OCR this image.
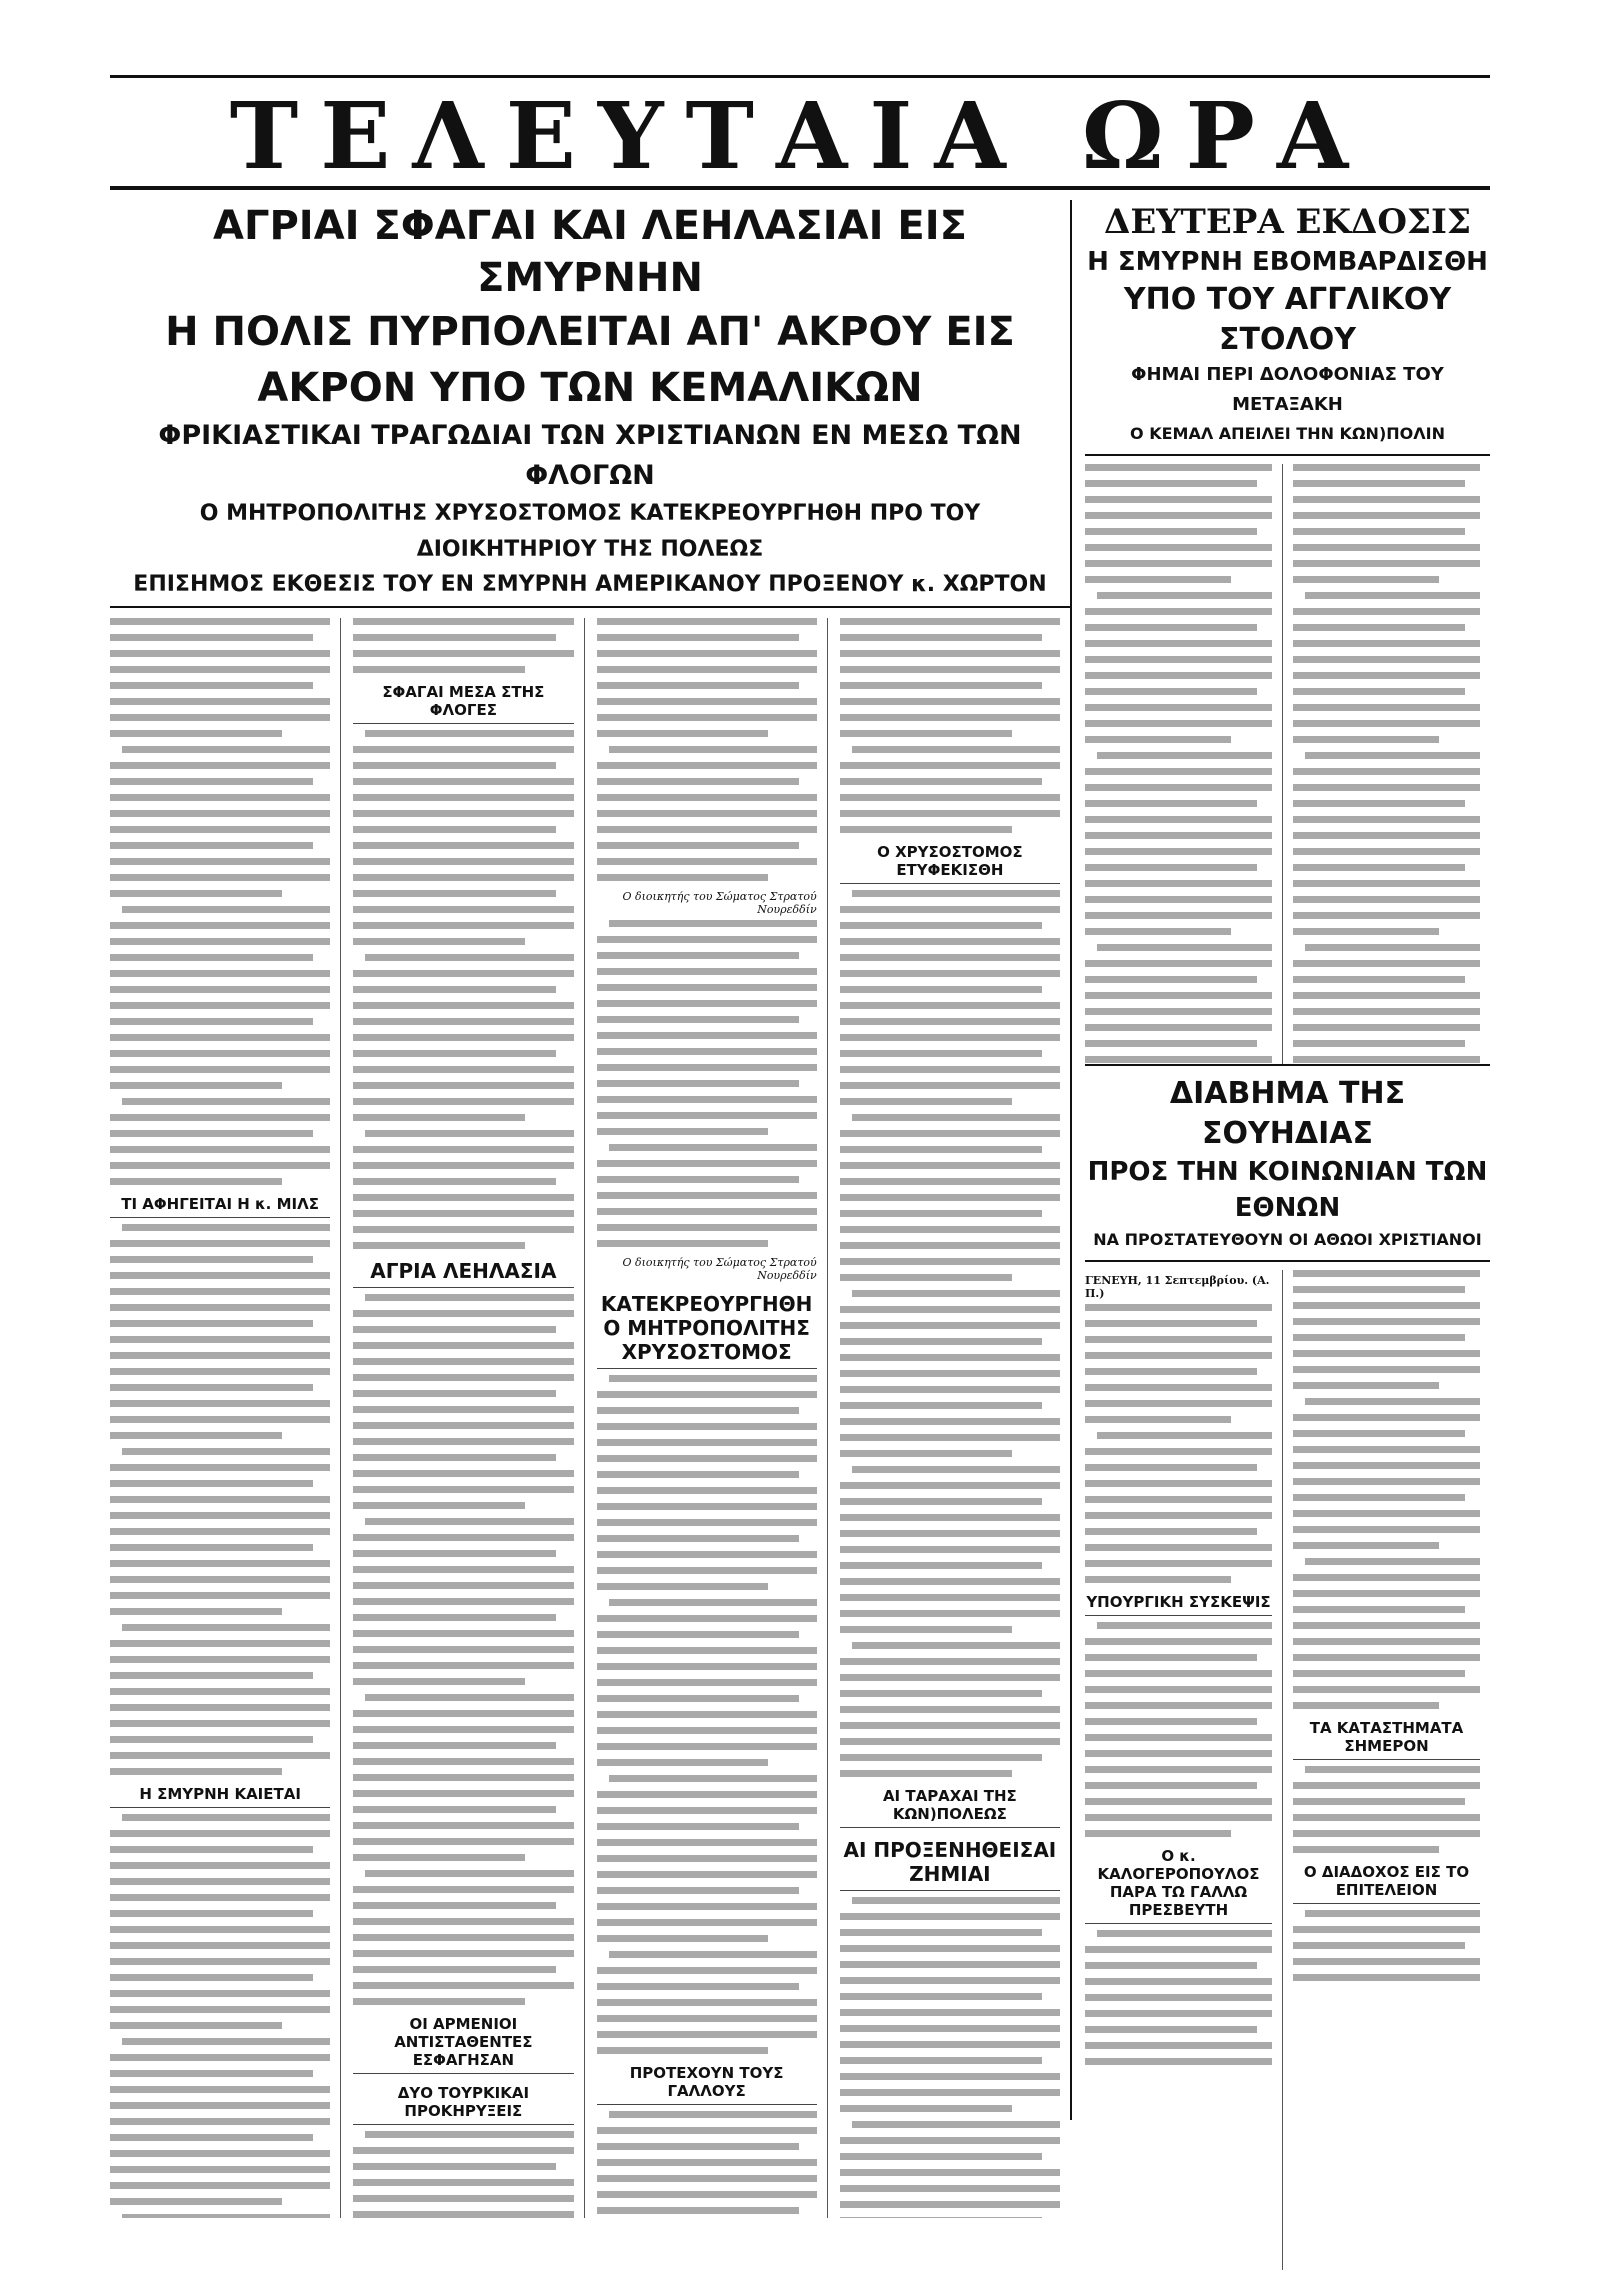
ΤΕΛΕΥΤΑΙΑ ΩΡΑ

ΑΓΡΙΑΙ ΣΦΑΓΑΙ ΚΑΙ ΛΕΗΛΑΣΙΑΙ ΕΙΣ ΣΜΥΡΝΗΝ

Η ΠΟΛΙΣ ΠΥΡΠΟΛΕΙΤΑΙ ΑΠ' ΑΚΡΟΥ ΕΙΣ ΑΚΡΟΝ ΥΠΟ ΤΩΝ ΚΕΜΑΛΙΚΩΝ

ΦΡΙΚΙΑΣΤΙΚΑΙ ΤΡΑΓΩΔΙΑΙ ΤΩΝ ΧΡΙΣΤΙΑΝΩΝ ΕΝ ΜΕΣΩ ΤΩΝ ΦΛΟΓΩΝ

Ο ΜΗΤΡΟΠΟΛΙΤΗΣ ΧΡΥΣΟΣΤΟΜΟΣ ΚΑΤΕΚΡΕΟΥΡΓΗΘΗ ΠΡΟ ΤΟΥ ΔΙΟΙΚΗΤΗΡΙΟΥ ΤΗΣ ΠΟΛΕΩΣ

ΕΠΙΣΗΜΟΣ ΕΚΘΕΣΙΣ ΤΟΥ ΕΝ ΣΜΥΡΝΗ ΑΜΕΡΙΚΑΝΟΥ ΠΡΟΞΕΝΟΥ κ. ΧΩΡΤΟΝ

ΤΙ ΑΦΗΓΕΙΤΑΙ Η κ. ΜΙΛΣ
Η ΣΜΥΡΝΗ ΚΑΙΕΤΑΙ
ΣΦΑΓΑΙ ΜΕΣΑ ΣΤΗΣ ΦΛΟΓΕΣ
ΑΓΡΙΑ ΛΕΗΛΑΣΙΑ
ΟΙ ΑΡΜΕΝΙΟΙ ΑΝΤΙΣΤΑΘΕΝΤΕΣ ΕΣΦΑΓΗΣΑΝ
ΔΥΟ ΤΟΥΡΚΙΚΑΙ ΠΡΟΚΗΡΥΞΕΙΣ
Ο διοικητής του Σώματος Στρατού Νουρεδδίν
Ο διοικητής του Σώματος Στρατού Νουρεδδίν
ΚΑΤΕΚΡΕΟΥΡΓΗΘΗ Ο ΜΗΤΡΟΠΟΛΙΤΗΣ ΧΡΥΣΟΣΤΟΜΟΣ
ΠΡΟΤΕΧΟΥΝ ΤΟΥΣ ΓΑΛΛΟΥΣ
Ο ΧΡΥΣΟΣΤΟΜΟΣ ΕΤΥΦΕΚΙΣΘΗ
ΑΙ ΤΑΡΑΧΑΙ ΤΗΣ ΚΩΝ)ΠΟΛΕΩΣ
ΑΙ ΠΡΟΞΕΝΗΘΕΙΣΑΙ ΖΗΜΙΑΙ

ΔΕΥΤΕΡΑ ΕΚΔΟΣΙΣ

Η ΣΜΥΡΝΗ ΕΒΟΜΒΑΡΔΙΣΘΗ

ΥΠΟ ΤΟΥ ΑΓΓΛΙΚΟΥ ΣΤΟΛΟΥ

ΦΗΜΑΙ ΠΕΡΙ ΔΟΛΟΦΟΝΙΑΣ ΤΟΥ ΜΕΤΑΞΑΚΗ

Ο ΚΕΜΑΛ ΑΠΕΙΛΕΙ ΤΗΝ ΚΩΝ)ΠΟΛΙΝ

ΔΙΑΒΗΜΑ ΤΗΣ ΣΟΥΗΔΙΑΣ

ΠΡΟΣ ΤΗΝ ΚΟΙΝΩΝΙΑΝ ΤΩΝ ΕΘΝΩΝ

ΝΑ ΠΡΟΣΤΑΤΕΥΘΟΥΝ ΟΙ ΑΘΩΟΙ ΧΡΙΣΤΙΑΝΟΙ

ΓΕΝΕΥΗ, 11 Σεπτεμβρίου. (Α. Π.)
ΥΠΟΥΡΓΙΚΗ ΣΥΣΚΕΨΙΣ
Ο κ. ΚΑΛΟΓΕΡΟΠΟΥΛΟΣ ΠΑΡΑ ΤΩ ΓΑΛΛΩ ΠΡΕΣΒΕΥΤΗ
ΤΑ ΚΑΤΑΣΤΗΜΑΤΑ ΣΗΜΕΡΟΝ
Ο ΔΙΑΔΟΧΟΣ ΕΙΣ ΤΟ ΕΠΙΤΕΛΕΙΟΝ
